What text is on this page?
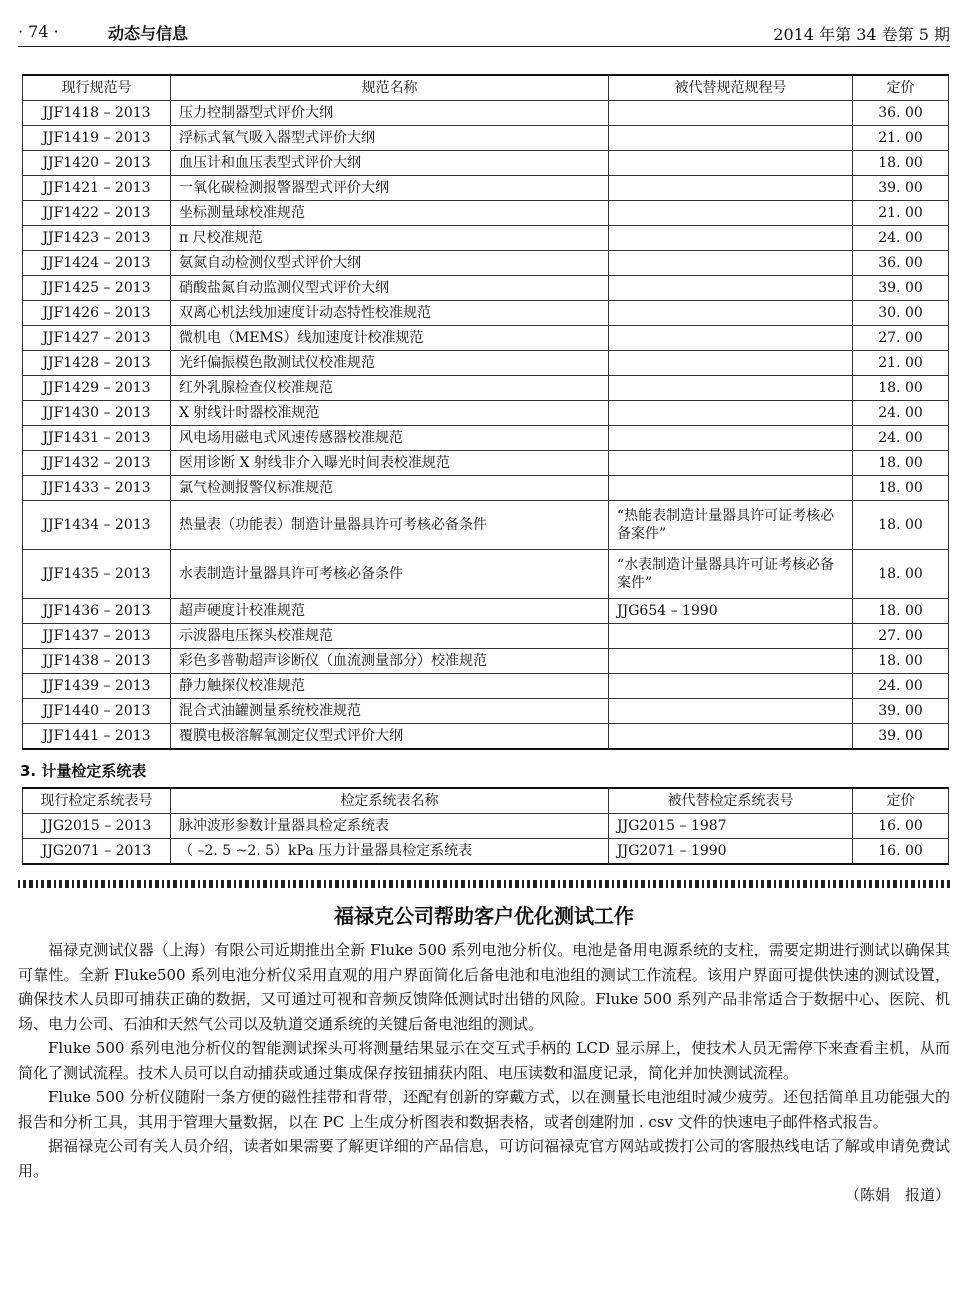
· 74 ·	动态与信息	2014 年第 34 卷第 5 期
现行规范号	规范名称	被代替规范规程号	定价
JJF1418 – 2013	压力控制器型式评价大纲		36. 00
JJF1419 – 2013	浮标式氧气吸入器型式评价大纲		21. 00
JJF1420 – 2013	血压计和血压表型式评价大纲		18. 00
JJF1421 – 2013	一氧化碳检测报警器型式评价大纲		39. 00
JJF1422 – 2013	坐标测量球校准规范		21. 00
JJF1423 – 2013	π 尺校准规范		24. 00
JJF1424 – 2013	氨氮自动检测仪型式评价大纲		36. 00
JJF1425 – 2013	硝酸盐氮自动监测仪型式评价大纲		39. 00
JJF1426 – 2013	双离心机法线加速度计动态特性校准规范		30. 00
JJF1427 – 2013	微机电（MEMS）线加速度计校准规范		27. 00
JJF1428 – 2013	光纤偏振模色散测试仪校准规范		21. 00
JJF1429 – 2013	红外乳腺检查仪校准规范		18. 00
JJF1430 – 2013	X 射线计时器校准规范		24. 00
JJF1431 – 2013	风电场用磁电式风速传感器校准规范		24. 00
JJF1432 – 2013	医用诊断 X 射线非介入曝光时间表校准规范		18. 00
JJF1433 – 2013	氯气检测报警仪标准规范		18. 00
JJF1434 – 2013	热量表（功能表）制造计量器具许可考核必备条件	“热能表制造计量器具许可证考核必备案件”	18. 00
JJF1435 – 2013	水表制造计量器具许可考核必备条件	“水表制造计量器具许可证考核必备案件”	18. 00
JJF1436 – 2013	超声硬度计校准规范	JJG654 – 1990	18. 00
JJF1437 – 2013	示波器电压探头校准规范		27. 00
JJF1438 – 2013	彩色多普勒超声诊断仪（血流测量部分）校准规范		18. 00
JJF1439 – 2013	静力触探仪校准规范		24. 00
JJF1440 – 2013	混合式油罐测量系统校准规范		39. 00
JJF1441 – 2013	覆膜电极溶解氧测定仪型式评价大纲		39. 00
3. 计量检定系统表
现行检定系统表号	检定系统表名称	被代替检定系统表号	定价
JJG2015 – 2013	脉冲波形参数计量器具检定系统表	JJG2015 – 1987	16. 00
JJG2071 – 2013	（ –2. 5 ~2. 5）kPa 压力计量器具检定系统表	JJG2071 – 1990	16. 00
福禄克公司帮助客户优化测试工作

福禄克测试仪器（上海）有限公司近期推出全新 Fluke 500 系列电池分析仪。电池是备用电源系统的支柱，需要定期进行测试以确保其可靠性。全新 Fluke500 系列电池分析仪采用直观的用户界面简化后备电池和电池组的测试工作流程。该用户界面可提供快速的测试设置，确保技术人员即可捕获正确的数据，又可通过可视和音频反馈降低测试时出错的风险。Fluke 500 系列产品非常适合于数据中心、医院、机场、电力公司、石油和天然气公司以及轨道交通系统的关键后备电池组的测试。

Fluke 500 系列电池分析仪的智能测试探头可将测量结果显示在交互式手柄的 LCD 显示屏上，使技术人员无需停下来查看主机，从而简化了测试流程。技术人员可以自动捕获或通过集成保存按钮捕获内阻、电压读数和温度记录，简化并加快测试流程。

Fluke 500 分析仪随附一条方便的磁性挂带和背带，还配有创新的穿戴方式，以在测量长电池组时减少疲劳。还包括简单且功能强大的报告和分析工具，其用于管理大量数据，以在 PC 上生成分析图表和数据表格，或者创建附加 . csv 文件的快速电子邮件格式报告。

据福禄克公司有关人员介绍，读者如果需要了解更详细的产品信息，可访问福禄克官方网站或拨打公司的客服热线电话了解或申请免费试用。

（陈娟　报道）
